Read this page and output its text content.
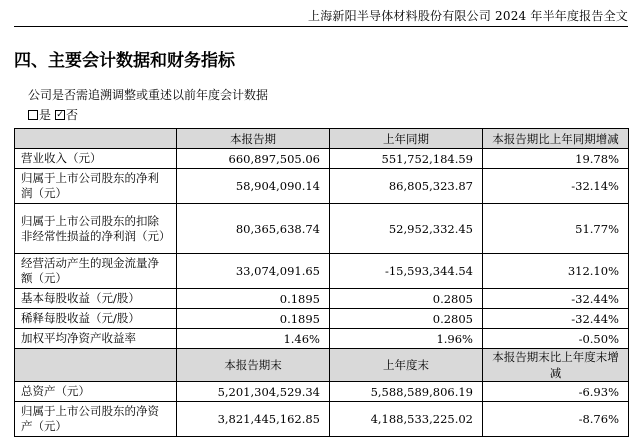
上海新阳半导体材料股份有限公司 2024 年半年度报告全文
四、主要会计数据和财务指标
公司是否需追溯调整或重述以前年度会计数据
是 ✓ 否
	本报告期	上年同期	本报告期比上年同期增减
营业收入（元）	660,897,505.06	551,752,184.59	19.78%
归属于上市公司股东的净利润（元）	58,904,090.14	86,805,323.87	-32.14%
归属于上市公司股东的扣除非经常性损益的净利润（元）	80,365,638.74	52,952,332.45	51.77%
经营活动产生的现金流量净额（元）	33,074,091.65	-15,593,344.54	312.10%
基本每股收益（元/股）	0.1895	0.2805	-32.44%
稀释每股收益（元/股）	0.1895	0.2805	-32.44%
加权平均净资产收益率	1.46%	1.96%	-0.50%
	本报告期末	上年度末	本报告期末比上年度末增减
总资产（元）	5,201,304,529.34	5,588,589,806.19	-6.93%
归属于上市公司股东的净资产（元）	3,821,445,162.85	4,188,533,225.02	-8.76%
